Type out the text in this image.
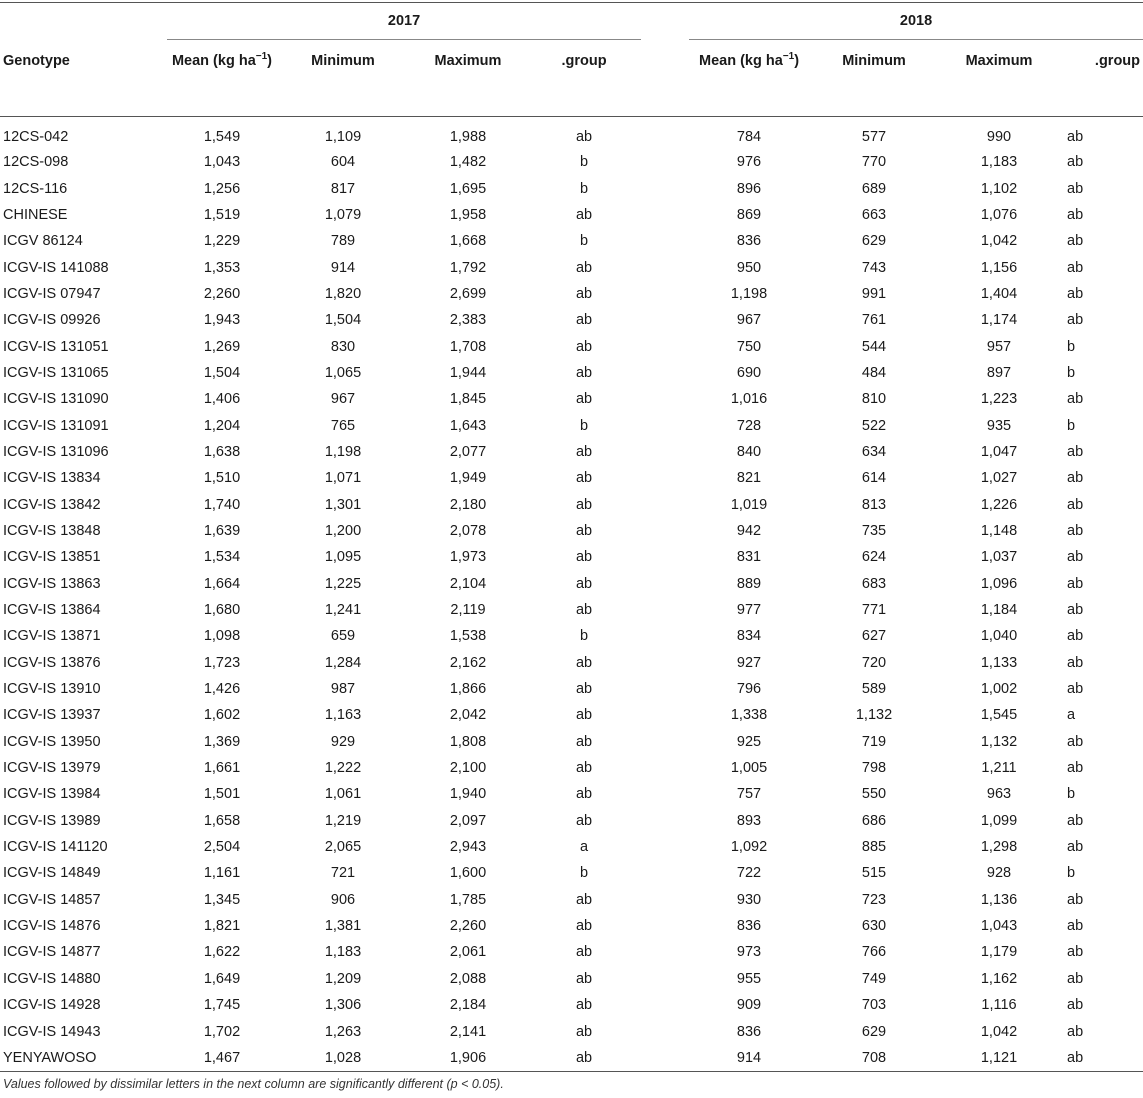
	2017					2018			
Genotype	Mean (kg $ha^{-1}$)	Minimum	Maximum	.group		Mean (kg $ha^{-1}$)	Minimum	Maximum	.group
12CS-042	1,549	1,109	1,988	ab		784	577	990	ab
12CS-098	1,043	604	1,482	b		976	770	1,183	ab
12CS-116	1,256	817	1,695	b		896	689	1,102	ab
CHINESE	1,519	1,079	1,958	ab		869	663	1,076	ab
ICGV 86124	1,229	789	1,668	b		836	629	1,042	ab
ICGV-IS 141088	1,353	914	1,792	ab		950	743	1,156	ab
ICGV-IS 07947	2,260	1,820	2,699	ab		1,198	991	1,404	ab
ICGV-IS 09926	1,943	1,504	2,383	ab		967	761	1,174	ab
ICGV-IS 131051	1,269	830	1,708	ab		750	544	957	b
ICGV-IS 131065	1,504	1,065	1,944	ab		690	484	897	b
ICGV-IS 131090	1,406	967	1,845	ab		1,016	810	1,223	ab
ICGV-IS 131091	1,204	765	1,643	b		728	522	935	b
ICGV-IS 131096	1,638	1,198	2,077	ab		840	634	1,047	ab
ICGV-IS 13834	1,510	1,071	1,949	ab		821	614	1,027	ab
ICGV-IS 13842	1,740	1,301	2,180	ab		1,019	813	1,226	ab
ICGV-IS 13848	1,639	1,200	2,078	ab		942	735	1,148	ab
ICGV-IS 13851	1,534	1,095	1,973	ab		831	624	1,037	ab
ICGV-IS 13863	1,664	1,225	2,104	ab		889	683	1,096	ab
ICGV-IS 13864	1,680	1,241	2,119	ab		977	771	1,184	ab
ICGV-IS 13871	1,098	659	1,538	b		834	627	1,040	ab
ICGV-IS 13876	1,723	1,284	2,162	ab		927	720	1,133	ab
ICGV-IS 13910	1,426	987	1,866	ab		796	589	1,002	ab
ICGV-IS 13937	1,602	1,163	2,042	ab		1,338	1,132	1,545	a
ICGV-IS 13950	1,369	929	1,808	ab		925	719	1,132	ab
ICGV-IS 13979	1,661	1,222	2,100	ab		1,005	798	1,211	ab
ICGV-IS 13984	1,501	1,061	1,940	ab		757	550	963	b
ICGV-IS 13989	1,658	1,219	2,097	ab		893	686	1,099	ab
ICGV-IS 141120	2,504	2,065	2,943	a		1,092	885	1,298	ab
ICGV-IS 14849	1,161	721	1,600	b		722	515	928	b
ICGV-IS 14857	1,345	906	1,785	ab		930	723	1,136	ab
ICGV-IS 14876	1,821	1,381	2,260	ab		836	630	1,043	ab
ICGV-IS 14877	1,622	1,183	2,061	ab		973	766	1,179	ab
ICGV-IS 14880	1,649	1,209	2,088	ab		955	749	1,162	ab
ICGV-IS 14928	1,745	1,306	2,184	ab		909	703	1,116	ab
ICGV-IS 14943	1,702	1,263	2,141	ab		836	629	1,042	ab
YENYAWOSO	1,467	1,028	1,906	ab		914	708	1,121	ab
Values followed by dissimilar letters in the next column are significantly different (p < 0.05).
